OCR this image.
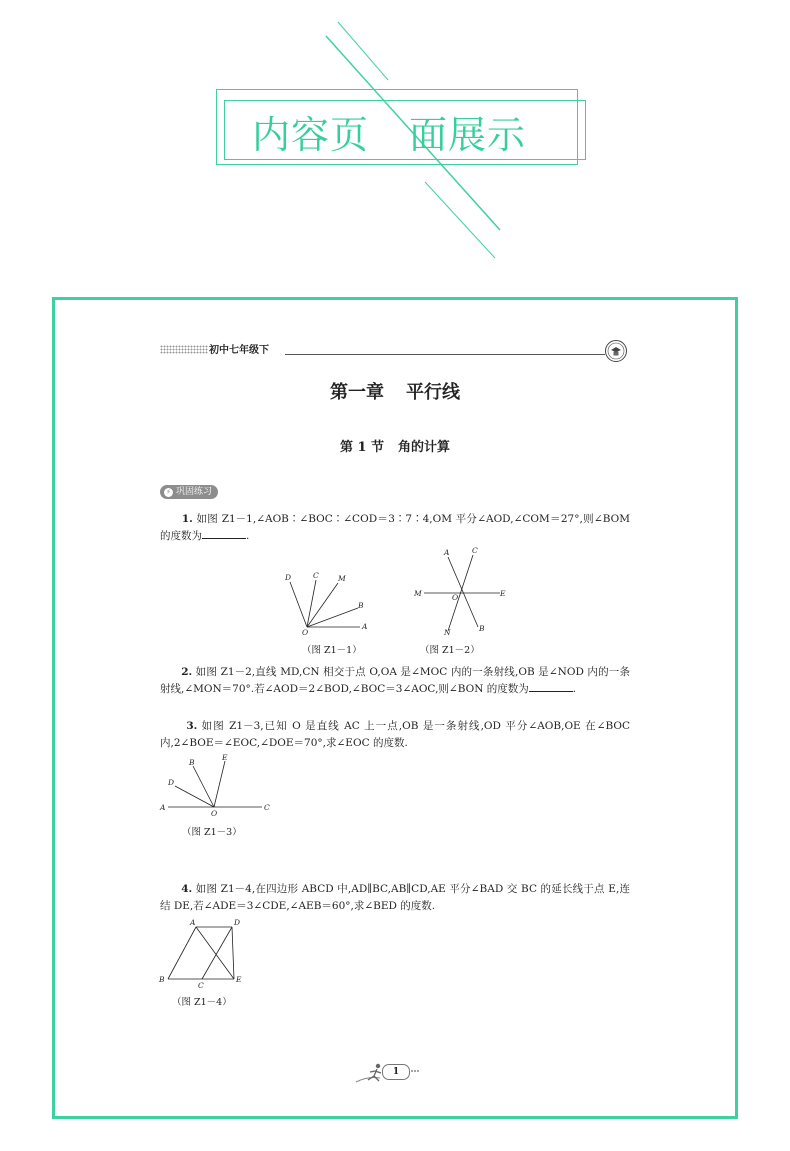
内容页 面展示
初中七年级下
第一章 平行线
第 1 节 角的计算
⚡ 巩固练习
1. 如图 Z1－1,∠AOB∶∠BOC∶∠COD＝3∶7∶4,OM 平分∠AOD,∠COM＝27°,则∠BOM 的度数为	.
D	C	M
B
O
A
（图 Z1－1）
A	C
M	O	E
N	B
（图 Z1－2）
2. 如图 Z1－2,直线 MD,CN 相交于点 O,OA 是∠MOC 内的一条射线,OB 是∠NOD 内的一条射线,∠MON＝70°.若∠AOD＝2∠BOD,∠BOC＝3∠AOC,则∠BON 的度数为	.
3. 如图 Z1－3,已知 O 是直线 AC 上一点,OB 是一条射线,OD 平分∠AOB,OE 在∠BOC 内,2∠BOE＝∠EOC,∠DOE＝70°,求∠EOC 的度数.
B
E
D
A
O
C
（图 Z1－3）
4. 如图 Z1－4,在四边形 ABCD 中,AD∥BC,AB∥CD,AE 平分∠BAD 交 BC 的延长线于点 E,连结 DE,若∠ADE＝3∠CDE,∠AEB＝60°,求∠BED 的度数.
A	D
B
C
E
（图 Z1－4）
1
